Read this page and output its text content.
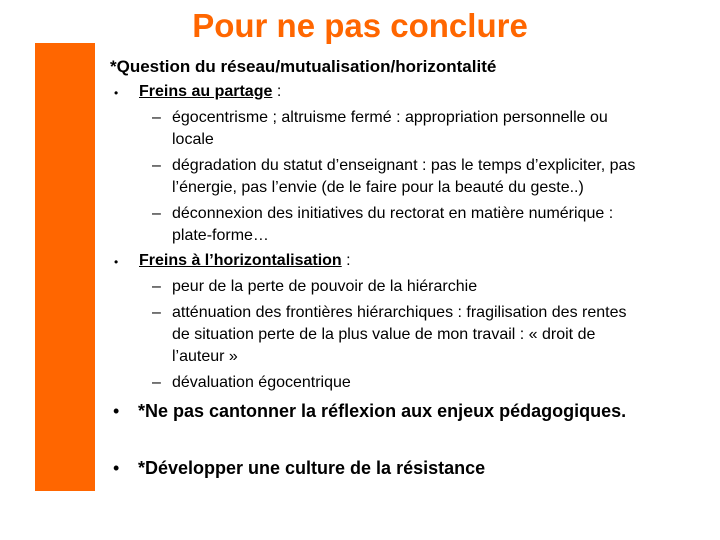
Pour ne pas conclure
*Question du réseau/mutualisation/horizontalité
• Freins au partage :
– égocentrisme ; altruisme fermé : appropriation personnelle ou
locale
– dégradation du statut d’enseignant : pas le temps d’expliciter, pas
l’énergie, pas l’envie (de le faire pour la beauté du geste..)
– déconnexion des initiatives du rectorat en matière numérique :
plate-forme…
• Freins à l’horizontalisation :
– peur de la perte de pouvoir de la hiérarchie
– atténuation des frontières hiérarchiques : fragilisation des rentes
de situation perte de la plus value de mon travail : « droit de
l’auteur »
– dévaluation égocentrique
• *Ne pas cantonner la réflexion aux enjeux pédagogiques.
• *Développer une culture de la résistance
